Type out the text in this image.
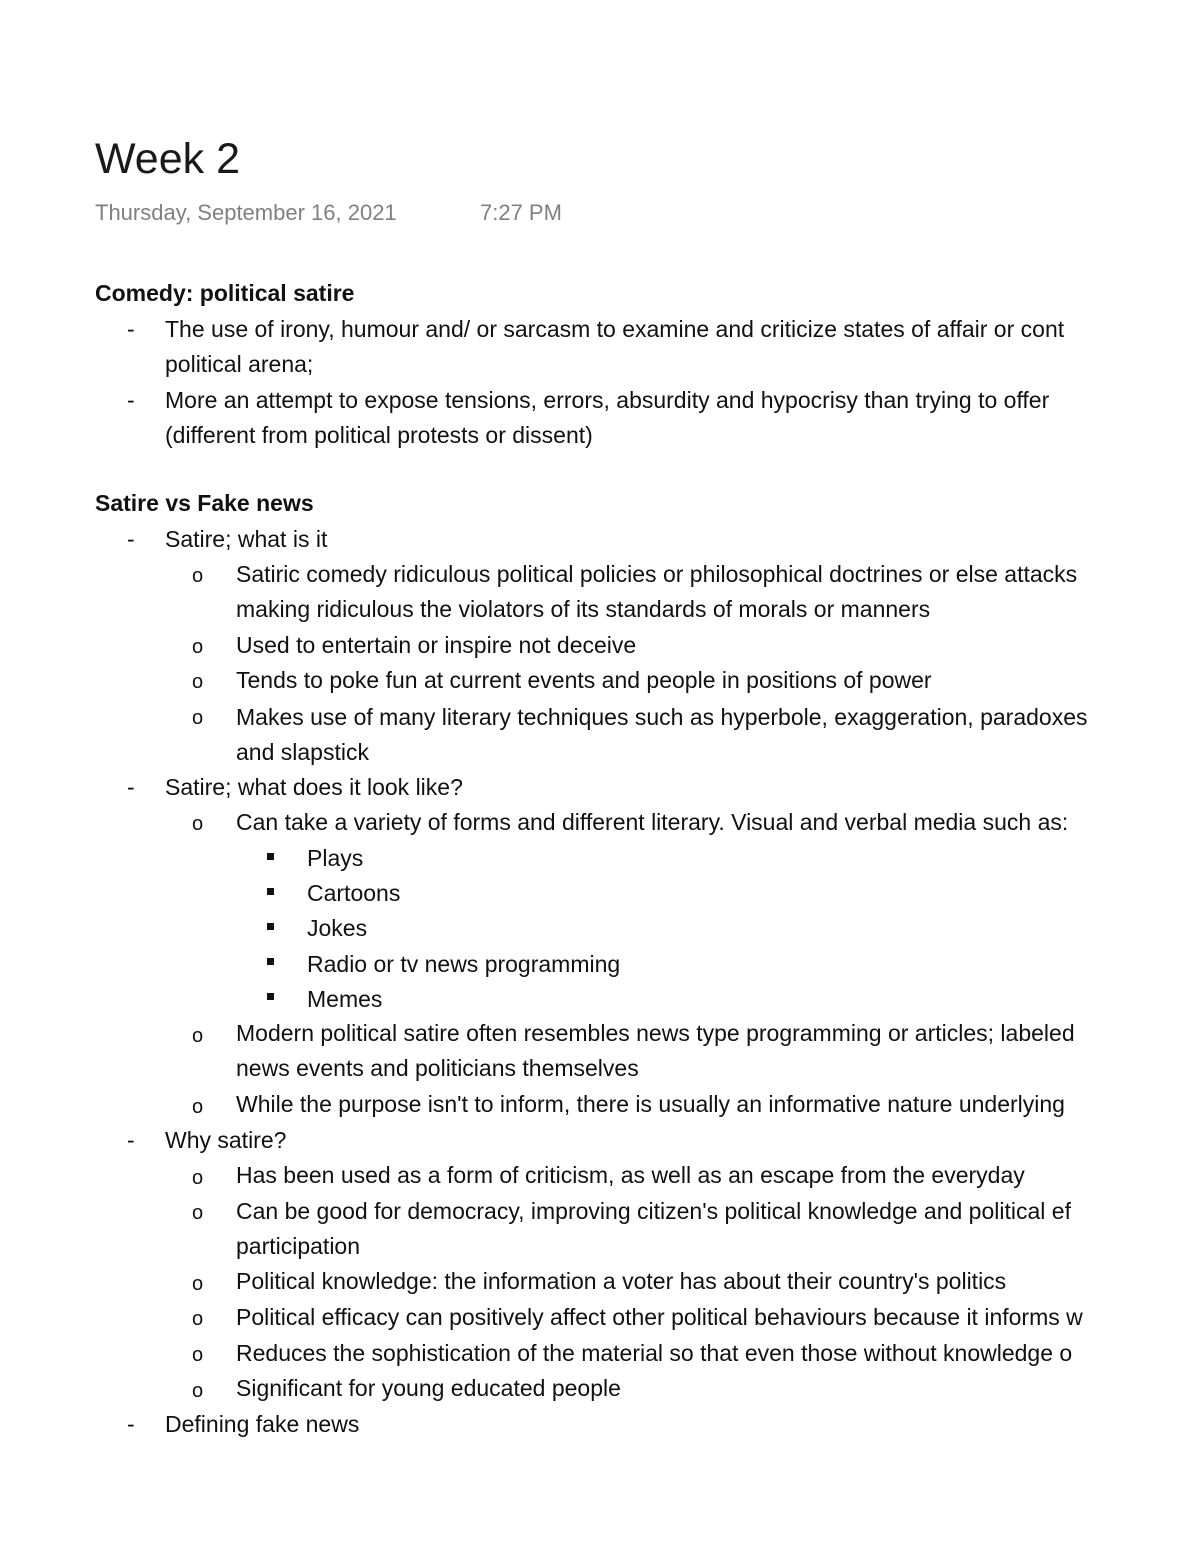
Week 2
Thursday, September 16, 2021	7:27 PM
Comedy: political satire
- The use of irony, humour and/ or sarcasm to examine and criticize states of affair or cont
political arena;
- More an attempt to expose tensions, errors, absurdity and hypocrisy than trying to offer
(different from political protests or dissent)
Satire vs Fake news
- Satire; what is it
o Satiric comedy ridiculous political policies or philosophical doctrines or else attacks
making ridiculous the violators of its standards of morals or manners
o Used to entertain or inspire not deceive
o Tends to poke fun at current events and people in positions of power
o Makes use of many literary techniques such as hyperbole, exaggeration, paradoxes
and slapstick
- Satire; what does it look like?
o Can take a variety of forms and different literary. Visual and verbal media such as:
Plays
Cartoons
Jokes
Radio or tv news programming
Memes
o Modern political satire often resembles news type programming or articles; labeled
news events and politicians themselves
o While the purpose isn't to inform, there is usually an informative nature underlying
- Why satire?
o Has been used as a form of criticism, as well as an escape from the everyday
o Can be good for democracy, improving citizen's political knowledge and political ef
participation
o Political knowledge: the information a voter has about their country's politics
o Political efficacy can positively affect other political behaviours because it informs w
o Reduces the sophistication of the material so that even those without knowledge o
o Significant for young educated people
- Defining fake news
